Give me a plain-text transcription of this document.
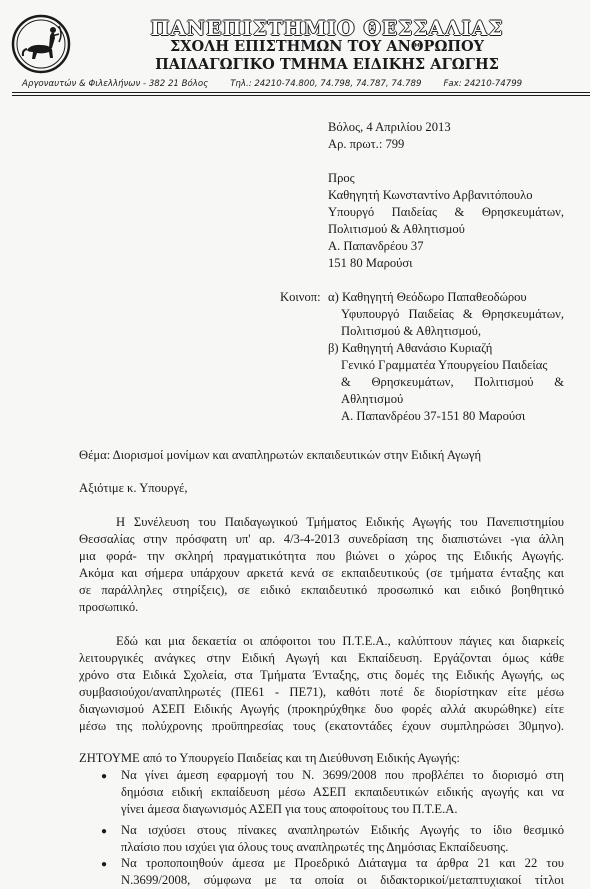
ΠΑΝΕΠΙΣΤΗΜΙΟ ΘΕΣΣΑΛΙΑΣ
ΣΧΟΛΗ ΕΠΙΣΤΗΜΩΝ ΤΟΥ ΑΝΘΡΩΠΟΥ
ΠΑΙΔΑΓΩΓΙΚΟ ΤΜΗΜΑ ΕΙΔΙΚΗΣ ΑΓΩΓΗΣ
Αργοναυτών & Φιλελλήνων - 382 21 Βόλος	Τηλ.: 24210-74.800, 74.798, 74.787, 74.789	Fax: 24210-74799
Βόλος, 4 Απριλίου 2013
Αρ. πρωτ.: 799
Προς
Καθηγητή Κωνσταντίνο Αρβανιτόπουλο
Υπουργό Παιδείας & Θρησκευμάτων,
Πολιτισμού & Αθλητισμού
Α. Παπανδρέου 37
151 80 Μαρούσι
Κοινοπ: α) Καθηγητή Θεόδωρο Παπαθεοδώρου
Υφυπουργό Παιδείας & Θρησκευμάτων,
Πολιτισμού & Αθλητισμού,
β) Καθηγητή Αθανάσιο Κυριαζή
Γενικό Γραμματέα Υπουργείου Παιδείας
& Θρησκευμάτων, Πολιτισμού &
Αθλητισμού
Α. Παπανδρέου 37-151 80 Μαρούσι
Θέμα: Διορισμοί μονίμων και αναπληρωτών εκπαιδευτικών στην Ειδική Αγωγή
Αξιότιμε κ. Υπουργέ,
Η Συνέλευση του Παιδαγωγικού Τμήματος Ειδικής Αγωγής του Πανεπιστημίου
Θεσσαλίας στην πρόσφατη υπ' αρ. 4/3-4-2013 συνεδρίαση της διαπιστώνει -για άλλη
μια φορά- την σκληρή πραγματικότητα που βιώνει ο χώρος της Ειδικής Αγωγής.
Ακόμα και σήμερα υπάρχουν αρκετά κενά σε εκπαιδευτικούς (σε τμήματα ένταξης και
σε παράλληλες στηρίξεις), σε ειδικό εκπαιδευτικό προσωπικό και ειδικό βοηθητικό
προσωπικό.
Εδώ και μια δεκαετία οι απόφοιτοι του Π.Τ.Ε.Α., καλύπτουν πάγιες και διαρκείς
λειτουργικές ανάγκες στην Ειδική Αγωγή και Εκπαίδευση. Εργάζονται όμως κάθε
χρόνο στα Ειδικά Σχολεία, στα Τμήματα Ένταξης, στις δομές της Ειδικής Αγωγής, ως
συμβασιούχοι/αναπληρωτές (ΠΕ61 - ΠΕ71), καθότι ποτέ δε διορίστηκαν είτε μέσω
διαγωνισμού ΑΣΕΠ Ειδικής Αγωγής (προκηρύχθηκε δυο φορές αλλά ακυρώθηκε) είτε
μέσω της πολύχρονης προϋπηρεσίας τους (εκατοντάδες έχουν συμπληρώσει 30μηνο).
ΖΗΤΟΥΜΕ από το Υπουργείο Παιδείας και τη Διεύθυνση Ειδικής Αγωγής:
● Να γίνει άμεση εφαρμογή του Ν. 3699/2008 που προβλέπει το διορισμό στη
δημόσια ειδική εκπαίδευση μέσω ΑΣΕΠ εκπαιδευτικών ειδικής αγωγής και να
γίνει άμεσα διαγωνισμός ΑΣΕΠ για τους αποφοίτους του Π.Τ.Ε.Α.
● Να ισχύσει στους πίνακες αναπληρωτών Ειδικής Αγωγής το ίδιο θεσμικό
πλαίσιο που ισχύει για όλους τους αναπληρωτές της Δημόσιας Εκπαίδευσης.
● Να τροποποιηθούν άμεσα με Προεδρικό Διάταγμα τα άρθρα 21 και 22 του
Ν.3699/2008, σύμφωνα με τα οποία οι διδακτορικοί/μεταπτυχιακοί τίτλοι
